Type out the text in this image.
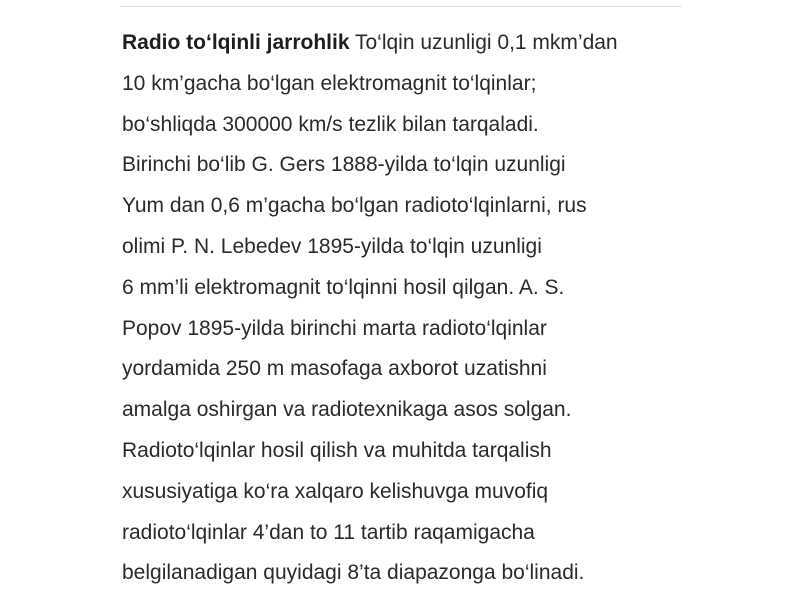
Radio to‘lqinli jarrohlik To‘lqin uzunligi 0,1 mkm’dan
10 km’gacha bo‘lgan elektromagnit to‘lqinlar;
bo‘shliqda 300000 km/s tezlik bilan tarqaladi.
Birinchi bo‘lib G. Gers 1888-yilda to‘lqin uzunligi
Yum dan 0,6 m’gacha bo‘lgan radioto‘lqinlarni, rus
olimi P. N. Lebedev 1895-yilda to‘lqin uzunligi
6 mm’li elektromagnit to‘lqinni hosil qilgan. A. S.
Popov 1895-yilda birinchi marta radioto‘lqinlar
yordamida 250 m masofaga axborot uzatishni
amalga oshirgan va radiotexnikaga asos solgan.
Radioto‘lqinlar hosil qilish va muhitda tarqalish
xususiyatiga ko‘ra xalqaro kelishuvga muvofiq
radioto‘lqinlar 4’dan to 11 tartib raqamigacha
belgilanadigan quyidagi 8’ta diapazonga bo‘linadi.
